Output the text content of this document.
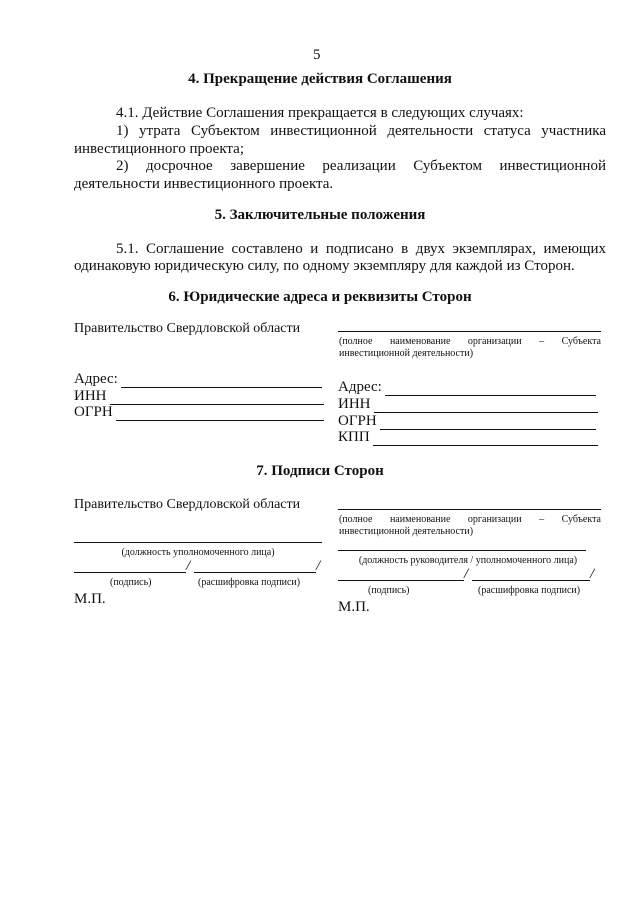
5
4. Прекращение действия Соглашения
4.1. Действие Соглашения прекращается в следующих случаях:
1) утрата Субъектом инвестиционной деятельности статуса участника
инвестиционного проекта;
2) досрочное завершение реализации Субъектом инвестиционной
деятельности инвестиционного проекта.
5. Заключительные положения
5.1. Соглашение составлено и подписано в двух экземплярах, имеющих
одинаковую юридическую силу, по одному экземпляру для каждой из Сторон.
6. Юридические адреса и реквизиты Сторон
Правительство Свердловской области
(полное наименование организации – Субъекта
инвестиционной деятельности)
Адрес:
ИНН
ОГРН
Адрес:
ИНН
ОГРН
КПП
7. Подписи Сторон
Правительство Свердловской области
(полное наименование организации – Субъекта
инвестиционной деятельности)
(должность уполномоченного лица)
/	/
(подпись)	(расшифровка подписи)
М.П.
(должность руководителя / уполномоченного лица)
/	/
(подпись)	(расшифровка подписи)
М.П.
